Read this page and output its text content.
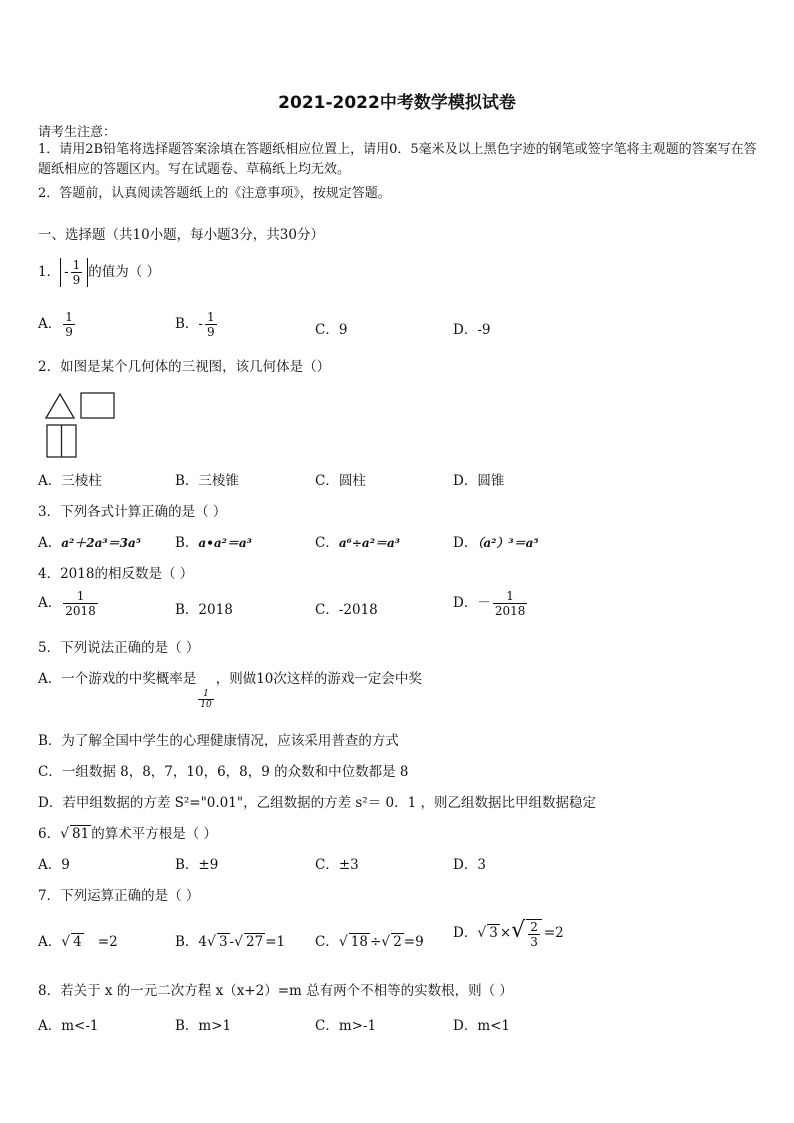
2021-2022中考数学模拟试卷
请考生注意：
1．请用2B铅笔将选择题答案涂填在答题纸相应位置上，请用0．5毫米及以上黑色字迹的钢笔或签字笔将主观题的答案写在答题纸相应的答题区内。写在试题卷、草稿纸上均无效。
2．答题前，认真阅读答题纸上的《注意事项》，按规定答题。
一、选择题（共10小题，每小题3分，共30分）
1． - $\frac{1}{9}$ 的值为（ ）
A． $\frac{1}{9}$	B．- $\frac{1}{9}$	C．9	D．-9
2．如图是某个几何体的三视图，该几何体是（）
A．三棱柱	B．三棱锥	C．圆柱	D．圆锥
3．下列各式计算正确的是（ ）
A．a²＋2a³＝3a⁵	B．a•a²＝a³	C．a⁶÷a²＝a³	D．（a²）³＝a⁵
4．2018的相反数是（ ）
A． $\frac{1}{2018}$	B．2018	C．-2018	D．－ $\frac{1}{2018}$
5．下列说法正确的是（ ）
A．一个游戏的中奖概率是
$\frac{1}{10}$
，则做10次这样的游戏一定会中奖
B．为了解全国中学生的心理健康情况，应该采用普查的方式
C．一组数据 8，8，7，10，6，8，9 的众数和中位数都是 8
D．若甲组数据的方差 S²="0.01"，乙组数据的方差 s²＝ 0．1 ，则乙组数据比甲组数据稳定
6．√ 81 的算术平方根是（ ）
A．9	B．±9	C．±3	D．3
7．下列运算正确的是（ ）
A．√ 4 =2	B．4√ 3 -√ 27 =1 C．√ 18 ÷√ 2 =9
D．√ 3 ×√ $\frac{2}{3} =2$
8．若关于 x 的一元二次方程 x（x+2）=m 总有两个不相等的实数根，则（ ）
A．m<-1	B．m>1	C．m>-1	D．m<1
